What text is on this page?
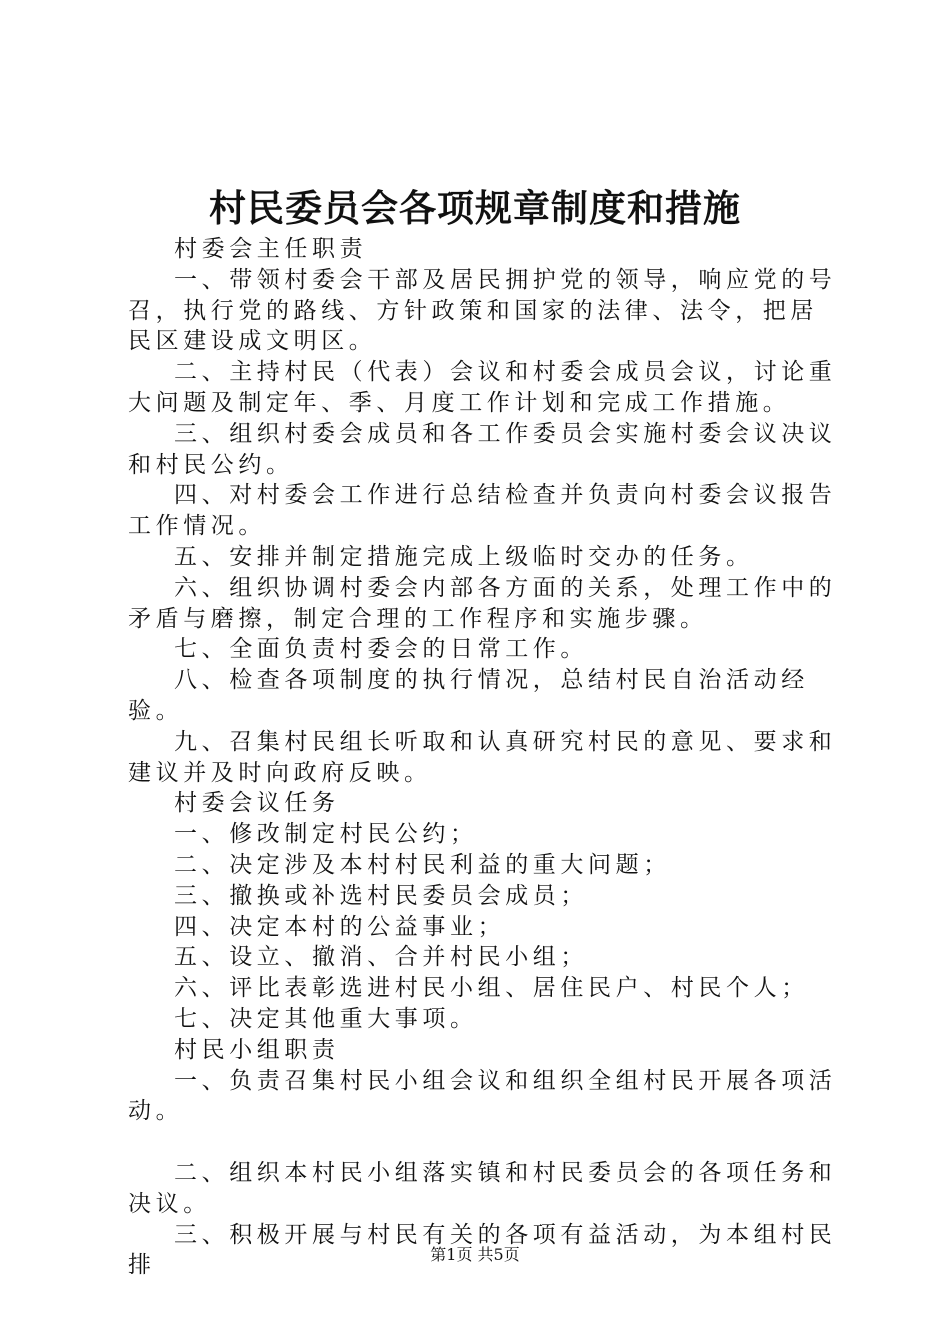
村民委员会各项规章制度和措施

村委会主任职责

一、带领村委会干部及居民拥护党的领导，响应党的号召，执行党的路线、方针政策和国家的法律、法令，把居民区建设成文明区。

二、主持村民（代表）会议和村委会成员会议，讨论重大问题及制定年、季、月度工作计划和完成工作措施。

三、组织村委会成员和各工作委员会实施村委会议决议和村民公约。

四、对村委会工作进行总结检查并负责向村委会议报告工作情况。

五、安排并制定措施完成上级临时交办的任务。

六、组织协调村委会内部各方面的关系，处理工作中的矛盾与磨擦，制定合理的工作程序和实施步骤。

七、全面负责村委会的日常工作。

八、检查各项制度的执行情况，总结村民自治活动经验。

九、召集村民组长听取和认真研究村民的意见、要求和建议并及时向政府反映。

村委会议任务

一、修改制定村民公约；

二、决定涉及本村村民利益的重大问题；

三、撤换或补选村民委员会成员；

四、决定本村的公益事业；

五、设立、撤消、合并村民小组；

六、评比表彰选进村民小组、居住民户、村民个人；

七、决定其他重大事项。

村民小组职责

一、负责召集村民小组会议和组织全组村民开展各项活动。

二、组织本村民小组落实镇和村民委员会的各项任务和决议。

三、积极开展与村民有关的各项有益活动，为本组村民排	第1页 共5页
